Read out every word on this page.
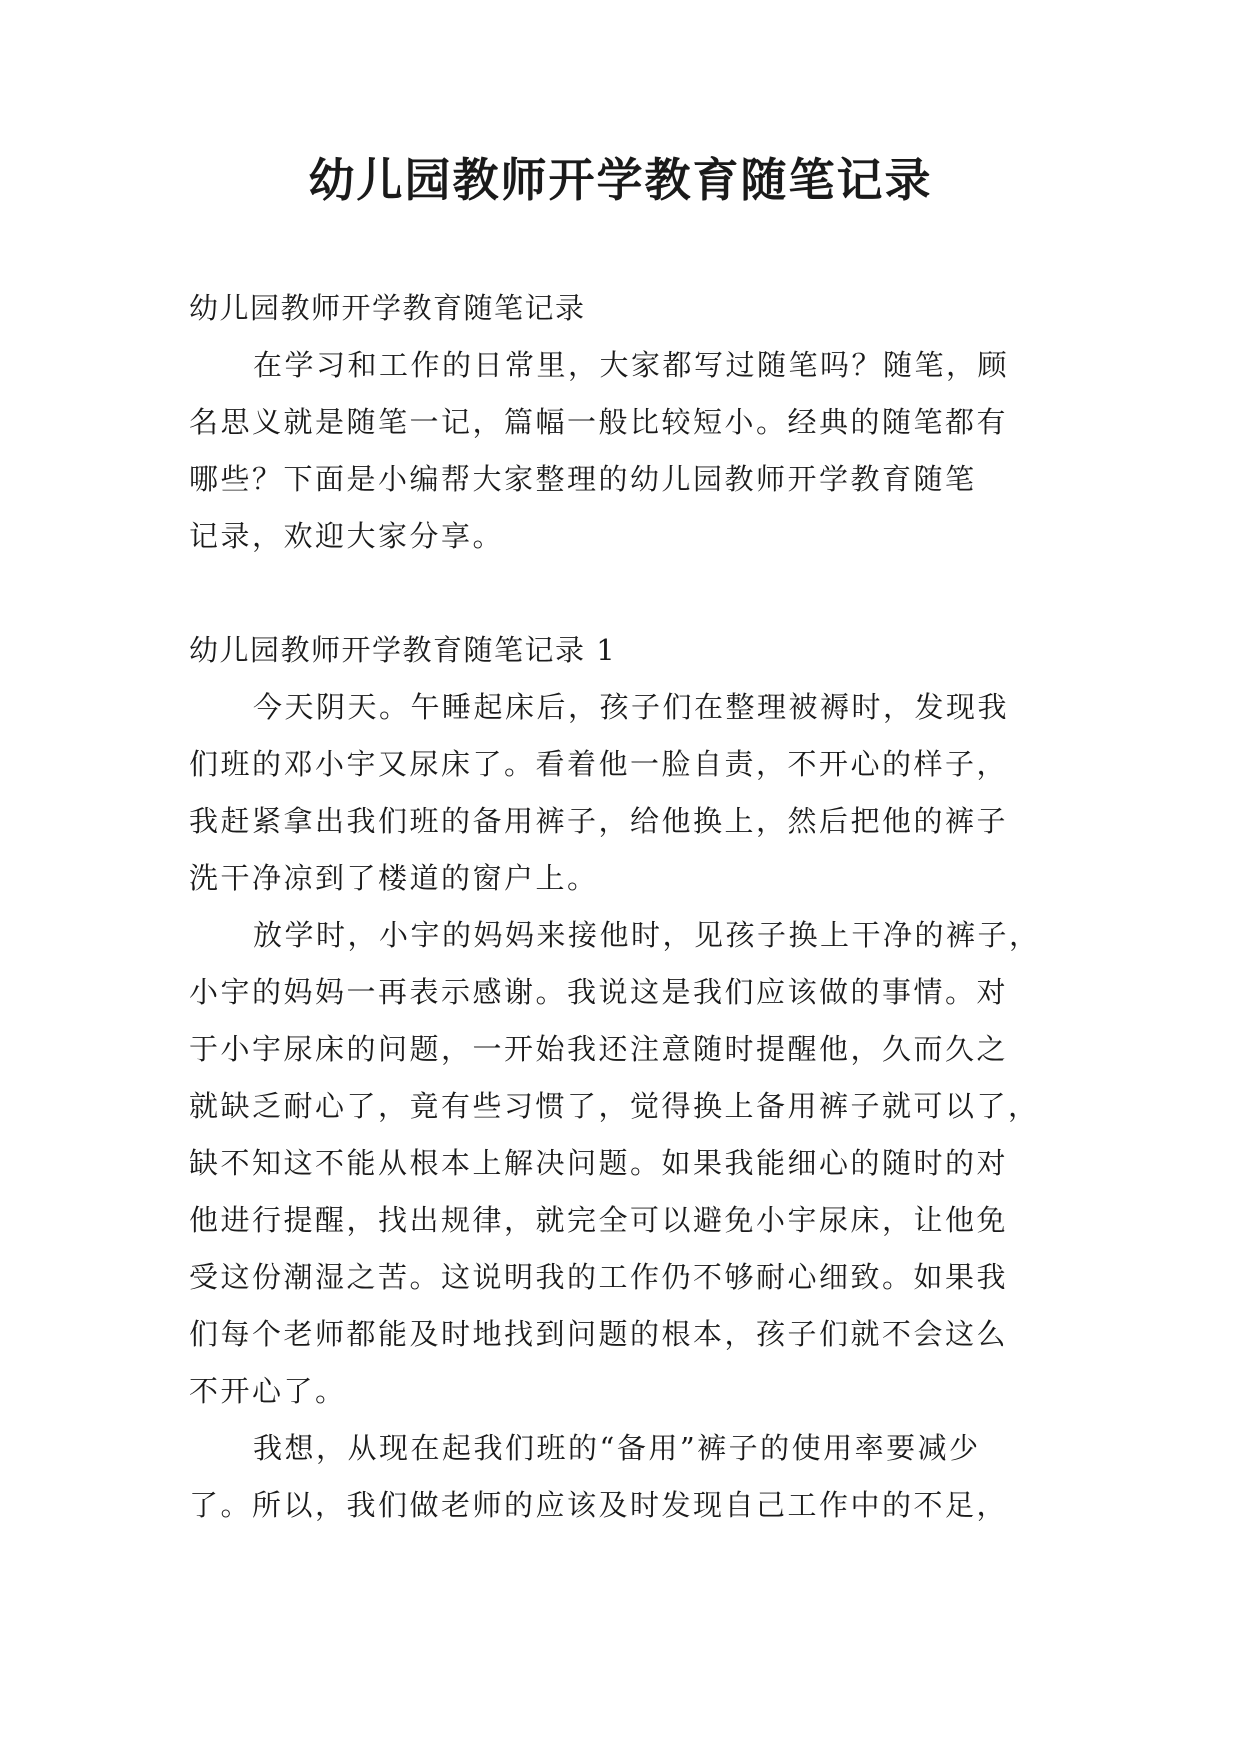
幼儿园教师开学教育随笔记录
幼儿园教师开学教育随笔记录
在学习和工作的日常里，大家都写过随笔吗？随笔，顾
名思义就是随笔一记，篇幅一般比较短小。经典的随笔都有
哪些？下面是小编帮大家整理的幼儿园教师开学教育随笔
记录，欢迎大家分享。
幼儿园教师开学教育随笔记录 1
今天阴天。午睡起床后，孩子们在整理被褥时，发现我
们班的邓小宇又尿床了。看着他一脸自责，不开心的样子，
我赶紧拿出我们班的备用裤子，给他换上，然后把他的裤子
洗干净凉到了楼道的窗户上。
放学时，小宇的妈妈来接他时，见孩子换上干净的裤子，
小宇的妈妈一再表示感谢。我说这是我们应该做的事情。对
于小宇尿床的问题，一开始我还注意随时提醒他，久而久之
就缺乏耐心了，竟有些习惯了，觉得换上备用裤子就可以了，
缺不知这不能从根本上解决问题。如果我能细心的随时的对
他进行提醒，找出规律，就完全可以避免小宇尿床，让他免
受这份潮湿之苦。这说明我的工作仍不够耐心细致。如果我
们每个老师都能及时地找到问题的根本，孩子们就不会这么
不开心了。
我想，从现在起我们班的“备用”裤子的使用率要减少
了。所以，我们做老师的应该及时发现自己工作中的不足，
